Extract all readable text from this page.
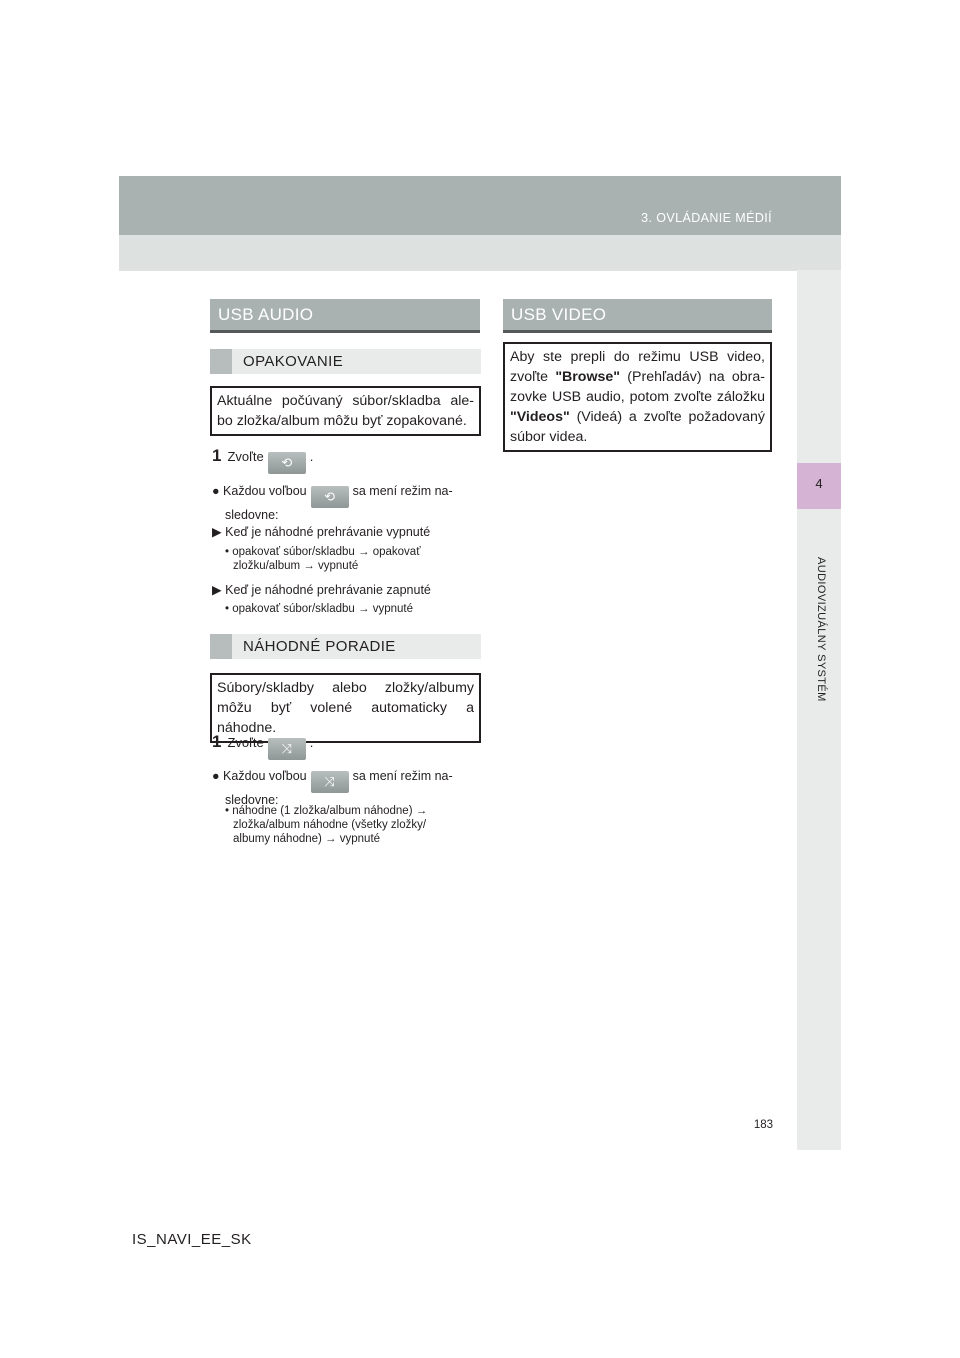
3. OVLÁDANIE MÉDIÍ
4
AUDIOVIZUÁLNY SYSTÉM
USB AUDIO
OPAKOVANIE
Aktuálne počúvaný súbor/skladba ale-
bo zložka/album môžu byť zopakované.
1 Zvoľte ⟲ .
● Každou voľbou ⟲ sa mení režim na-
sledovne:
▶ Keď je náhodné prehrávanie vypnuté
• opakovať súbor/skladbu → opakovať
zložku/album → vypnuté
▶ Keď je náhodné prehrávanie zapnuté
• opakovať súbor/skladbu → vypnuté
NÁHODNÉ PORADIE
Súbory/skladby alebo zložky/albumy
môžu byť volené automaticky a náhodne.
1 Zvoľte ⤨ .
● Každou voľbou ⤨ sa mení režim na-
sledovne:
• náhodne (1 zložka/album náhodne) →
zložka/album náhodne (všetky zložky/
albumy náhodne) → vypnuté
USB VIDEO
Aby ste prepli do režimu USB video,
zvoľte "Browse" (Prehľadáv) na obra-
zovke USB audio, potom zvoľte záložku
"Videos" (Videá) a zvoľte požadovaný
súbor videa.
183
IS_NAVI_EE_SK
